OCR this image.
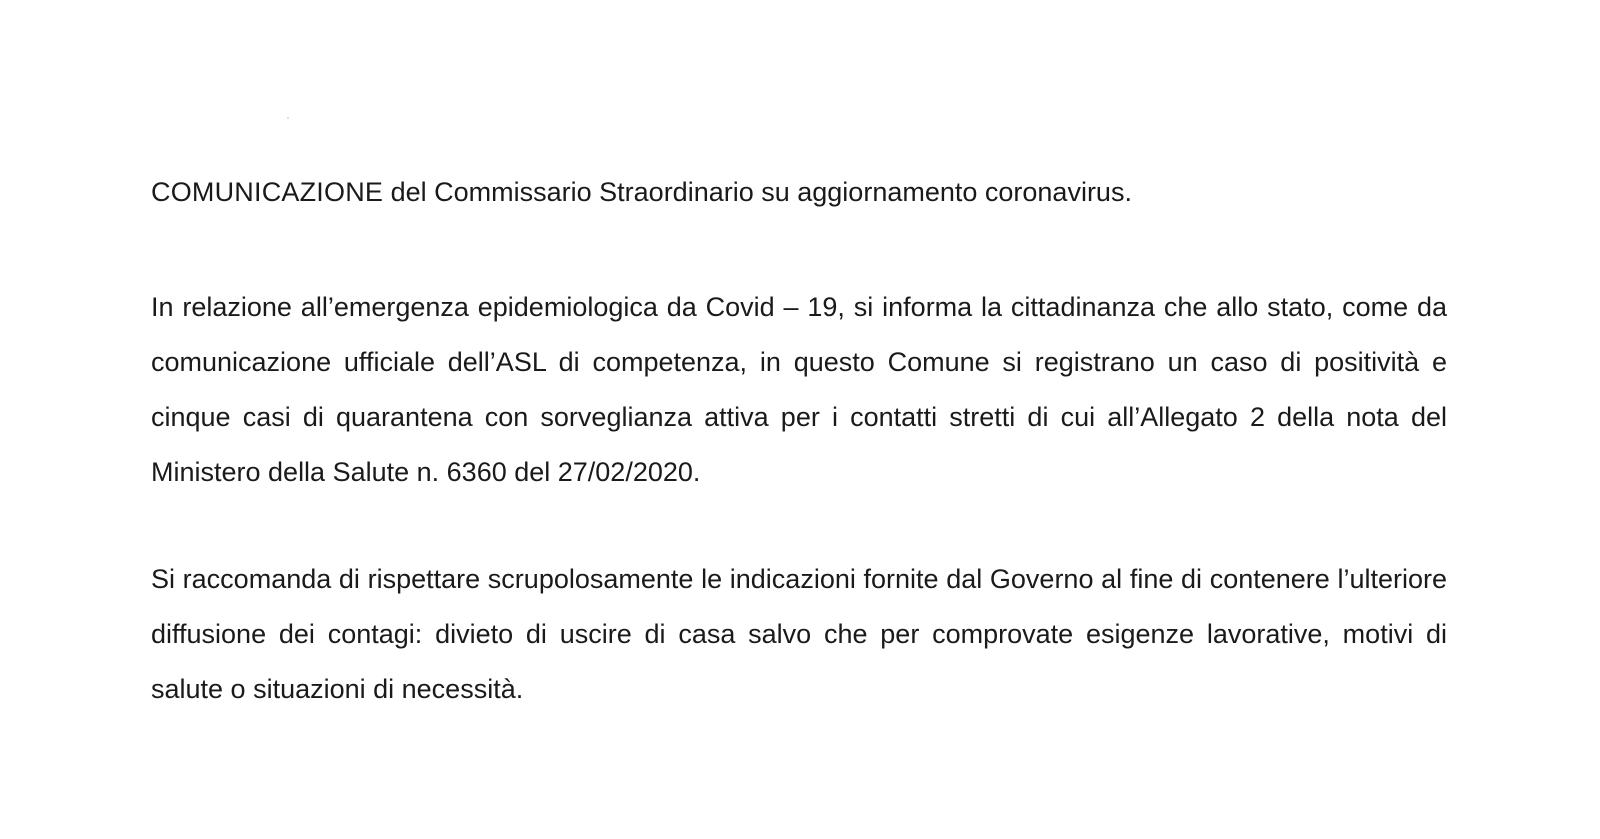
COMUNICAZIONE del Commissario Straordinario su aggiornamento coronavirus.

In relazione all’emergenza epidemiologica da Covid – 19, si informa la cittadinanza che allo stato, come da comunicazione ufficiale dell’ASL di competenza, in questo Comune si registrano un caso di positività e cinque casi di quarantena con sorveglianza attiva per i contatti stretti di cui all’Allegato 2 della nota del Ministero della Salute n. 6360 del 27/02/2020.

Si raccomanda di rispettare scrupolosamente le indicazioni fornite dal Governo al fine di contenere l’ulteriore diffusione dei contagi: divieto di uscire di casa salvo che per comprovate esigenze lavorative, motivi di salute o situazioni di necessità.
